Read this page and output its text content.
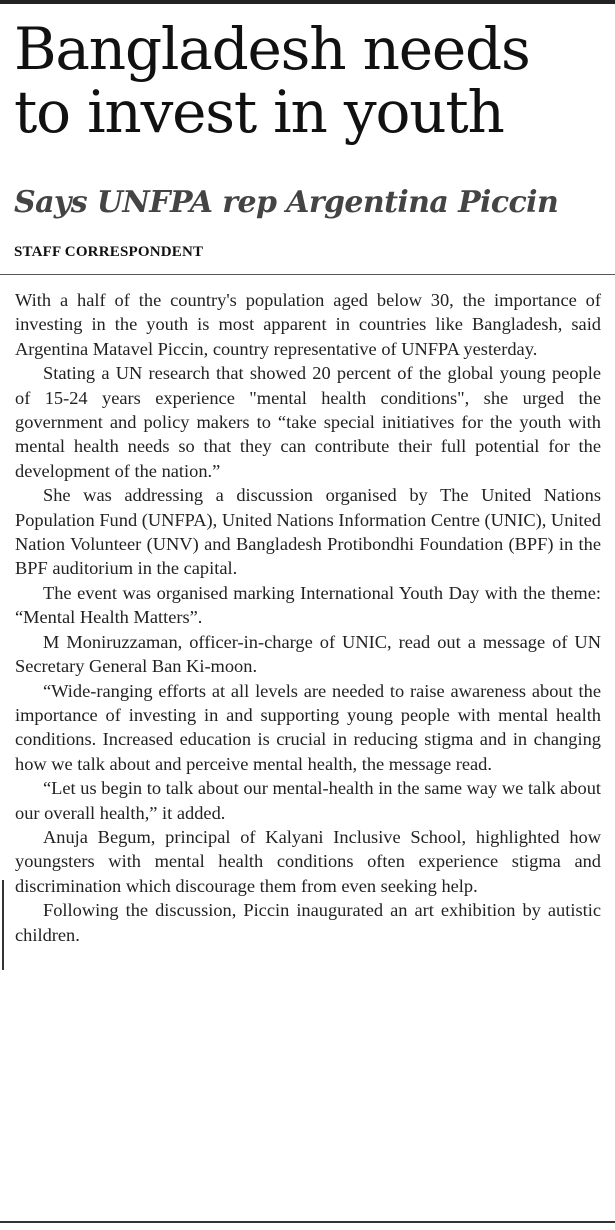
Bangladesh needs
to invest in youth
Says UNFPA rep Argentina Piccin
STAFF CORRESPONDENT

With a half of the country's population aged below 30, the importance of investing in the youth is most apparent in countries like Bangladesh, said Argentina Matavel Piccin, country representative of UNFPA yesterday.

Stating a UN research that showed 20 percent of the global young people of 15-24 years experience "mental health conditions", she urged the government and policy makers to “take special initiatives for the youth with mental health needs so that they can contribute their full potential for the development of the nation.”

She was addressing a discussion organised by The United Nations Population Fund (UNFPA), United Nations Information Centre (UNIC), United Nation Volunteer (UNV) and Bangladesh Protibondhi Foundation (BPF) in the BPF auditorium in the capital.

The event was organised marking International Youth Day with the theme: “Mental Health Matters”.

M Moniruzzaman, officer-in-charge of UNIC, read out a message of UN Secretary General Ban Ki-moon.

“Wide-ranging efforts at all levels are needed to raise awareness about the importance of investing in and supporting young people with mental health conditions. Increased education is crucial in reducing stigma and in changing how we talk about and perceive mental health, the message read.

“Let us begin to talk about our mental-health in the same way we talk about our overall health,” it added.

Anuja Begum, principal of Kalyani Inclusive School, highlighted how youngsters with mental health conditions often experience stigma and discrimination which discourage them from even seeking help.

Following the discussion, Piccin inaugurated an art exhibition by autistic children.
